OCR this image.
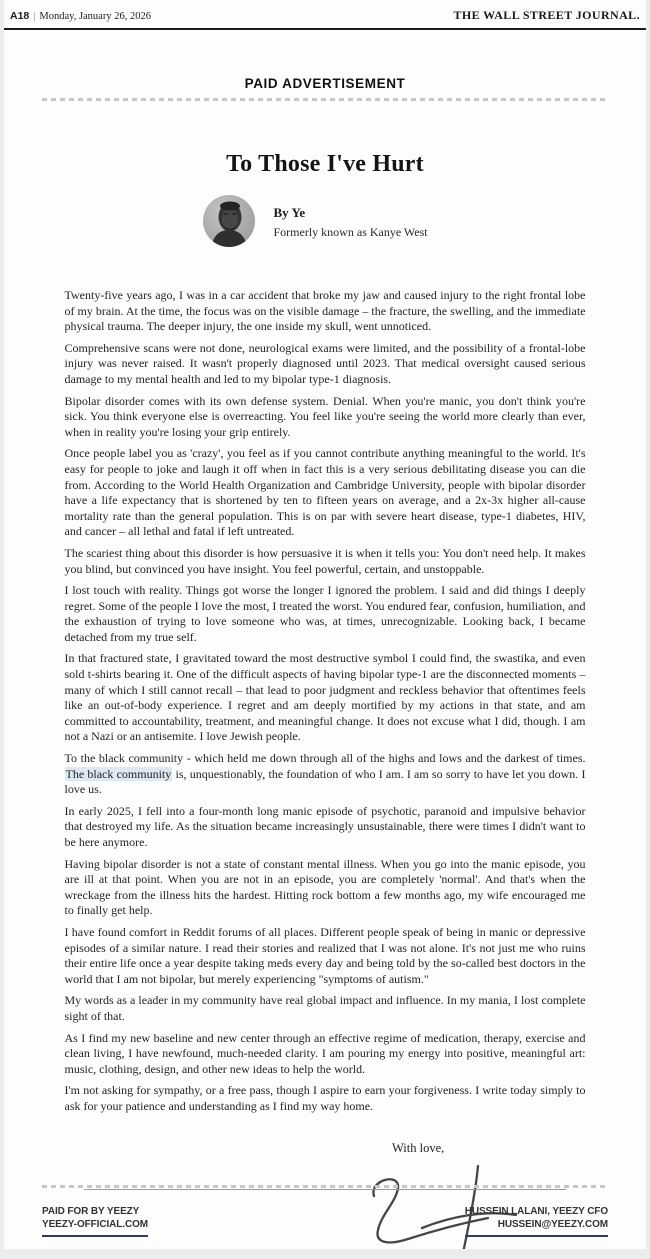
A18 | Monday, January 26, 2026	THE WALL STREET JOURNAL.
PAID ADVERTISEMENT
To Those I've Hurt
By Ye
Formerly known as Kanye West

Twenty-five years ago, I was in a car accident that broke my jaw and caused injury to the right frontal lobe of my brain. At the time, the focus was on the visible damage – the fracture, the swelling, and the immediate physical trauma. The deeper injury, the one inside my skull, went unnoticed.

Comprehensive scans were not done, neurological exams were limited, and the possibility of a frontal-lobe injury was never raised. It wasn't properly diagnosed until 2023. That medical oversight caused serious damage to my mental health and led to my bipolar type-1 diagnosis.

Bipolar disorder comes with its own defense system. Denial. When you're manic, you don't think you're sick. You think everyone else is overreacting. You feel like you're seeing the world more clearly than ever, when in reality you're losing your grip entirely.

Once people label you as 'crazy', you feel as if you cannot contribute anything meaningful to the world. It's easy for people to joke and laugh it off when in fact this is a very serious debilitating disease you can die from. According to the World Health Organization and Cambridge University, people with bipolar disorder have a life expectancy that is shortened by ten to fifteen years on average, and a 2x-3x higher all-cause mortality rate than the general population. This is on par with severe heart disease, type-1 diabetes, HIV, and cancer – all lethal and fatal if left untreated.

The scariest thing about this disorder is how persuasive it is when it tells you: You don't need help. It makes you blind, but convinced you have insight. You feel powerful, certain, and unstoppable.

I lost touch with reality. Things got worse the longer I ignored the problem. I said and did things I deeply regret. Some of the people I love the most, I treated the worst. You endured fear, confusion, humiliation, and the exhaustion of trying to love someone who was, at times, unrecognizable. Looking back, I became detached from my true self.

In that fractured state, I gravitated toward the most destructive symbol I could find, the swastika, and even sold t-shirts bearing it. One of the difficult aspects of having bipolar type-1 are the disconnected moments – many of which I still cannot recall – that lead to poor judgment and reckless behavior that oftentimes feels like an out-of-body experience. I regret and am deeply mortified by my actions in that state, and am committed to accountability, treatment, and meaningful change. It does not excuse what I did, though. I am not a Nazi or an antisemite. I love Jewish people.

To the black community - which held me down through all of the highs and lows and the darkest of times. The black community is, unquestionably, the foundation of who I am. I am so sorry to have let you down. I love us.

In early 2025, I fell into a four-month long manic episode of psychotic, paranoid and impulsive behavior that destroyed my life. As the situation became increasingly unsustainable, there were times I didn't want to be here anymore.

Having bipolar disorder is not a state of constant mental illness. When you go into the manic episode, you are ill at that point. When you are not in an episode, you are completely 'normal'. And that's when the wreckage from the illness hits the hardest. Hitting rock bottom a few months ago, my wife encouraged me to finally get help.

I have found comfort in Reddit forums of all places. Different people speak of being in manic or depressive episodes of a similar nature. I read their stories and realized that I was not alone. It's not just me who ruins their entire life once a year despite taking meds every day and being told by the so-called best doctors in the world that I am not bipolar, but merely experiencing "symptoms of autism."

My words as a leader in my community have real global impact and influence. In my mania, I lost complete sight of that.

As I find my new baseline and new center through an effective regime of medication, therapy, exercise and clean living, I have newfound, much-needed clarity. I am pouring my energy into positive, meaningful art: music, clothing, design, and other new ideas to help the world.

I'm not asking for sympathy, or a free pass, though I aspire to earn your forgiveness. I write today simply to ask for your patience and understanding as I find my way home.

With love,
PAID FOR BY YEEZY
YEEZY-OFFICIAL.COM
HUSSEIN LALANI, YEEZY CFO
HUSSEIN@YEEZY.COM
